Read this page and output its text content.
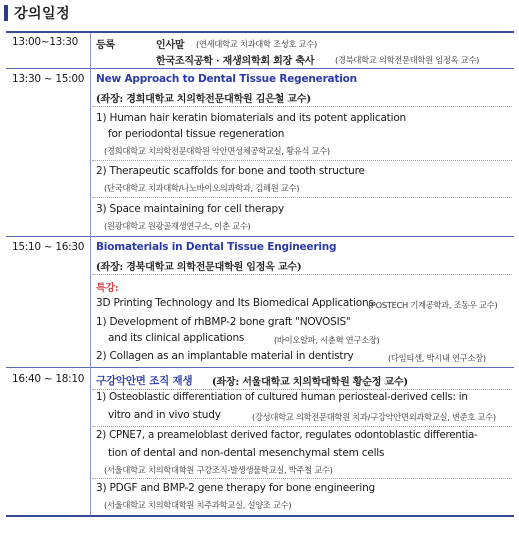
강의일정
13:00~13:30 등록	인사말 (연세대학교 치과대학 조성호 교수)
한국조직공학 · 재생의학회 회장 축사 (경북대학교 의학전문대학원 임정옥 교수)
13:30 ~ 15:00 New Approach to Dental Tissue Regeneration
(좌장: 경희대학교 치의학전문대학원 김은철 교수)
1) Human hair keratin biomaterials and its potent application
for periodontal tissue regeneration
(경희대학교 치의학전문대학원 악안면성체공학교실, 황유식 교수)
2) Therapeutic scaffolds for bone and tooth structure
(단국대학교 치과대학/나노바이오의과학과, 김해원 교수)
3) Space maintaining for cell therapy
(원광대학교 원광골재생연구소, 이춘 교수)
15:10 ~ 16:30 Biomaterials in Dental Tissue Engineering
(좌장: 경북대학교 의학전문대학원 임정옥 교수)
특강:
3D Printing Technology and Its Biomedical Applications
(POSTECH 기계공학과, 조동우 교수)
1) Development of rhBMP-2 bone graft "NOVOSIS"
and its clinical applications	(바이오알파, 시춘혁 연구소장)
2) Collagen as an implantable material in dentistry	(다임티센, 박시내 연구소장)
16:40 ~ 18:10 구강악안면 조직 재생 (좌장: 서울대학교 치의학대학원 황순정 교수)
1) Osteoblastic differentiation of cultured human periosteal-derived cells: in
vitro and in vivo study	(강성대학교 의학전문대학원 치과/구강악안면외과학교실, 변준호 교수)
2) CPNE7, a preameloblast derived factor, regulates odontoblastic differentia-
tion of dental and non-dental mesenchymal stem cells
(서울대학교 치의학대학원 구강조직-발생생물학교실, 박주철 교수)
3) PDGF and BMP-2 gene therapy for bone engineering
(서울대학교 치의학대학원 치주과학교실, 설양조 교수)
